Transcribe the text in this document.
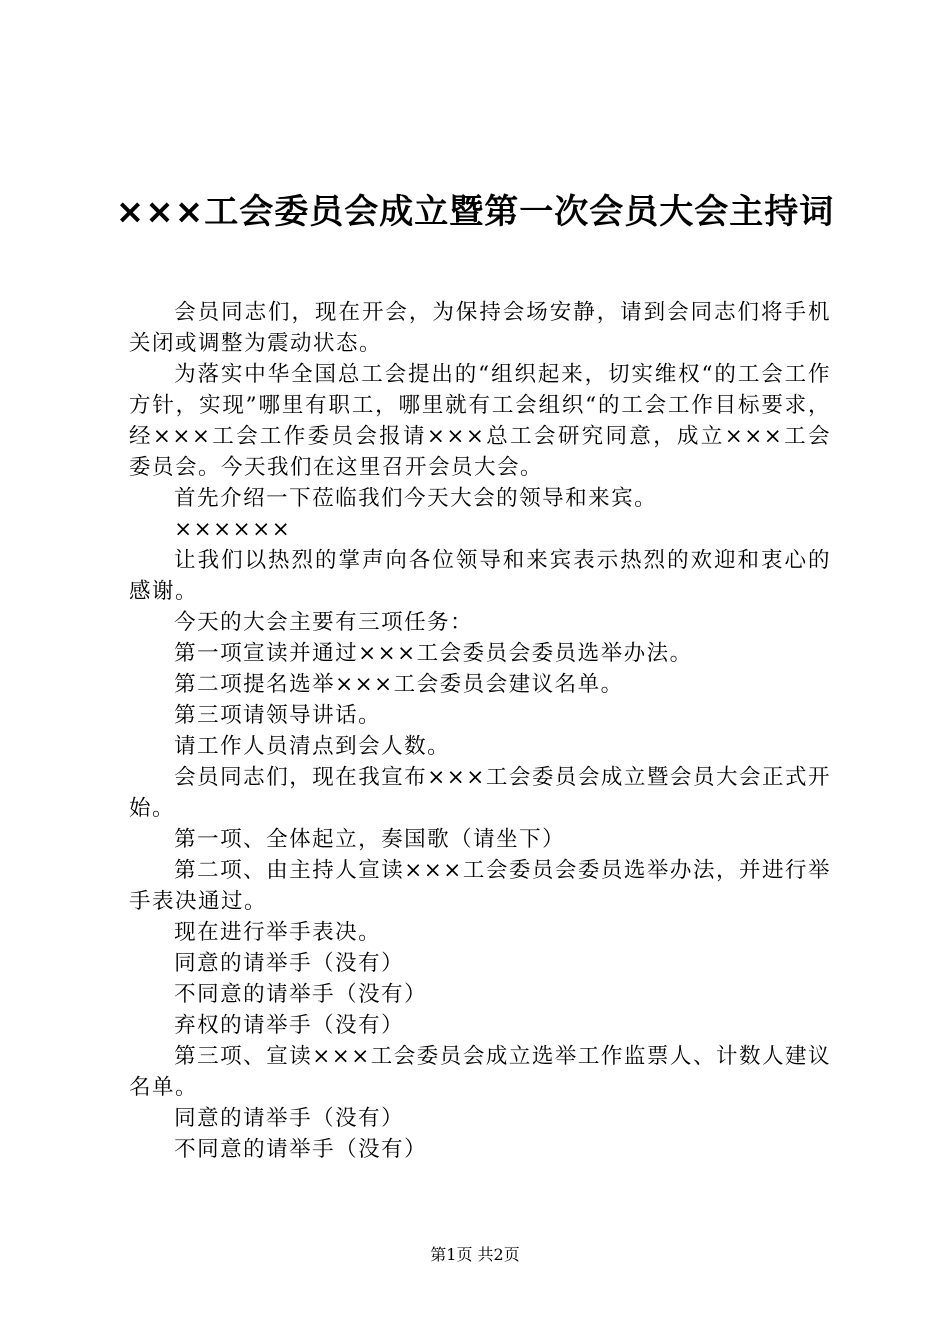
×××工会委员会成立暨第一次会员大会主持词

会员同志们，现在开会，为保持会场安静，请到会同志们将手机关闭或调整为震动状态。

为落实中华全国总工会提出的“组织起来，切实维权“的工会工作方针，实现”哪里有职工，哪里就有工会组织“的工会工作目标要求，经×××工会工作委员会报请×××总工会研究同意，成立×××工会委员会。今天我们在这里召开会员大会。

首先介绍一下莅临我们今天大会的领导和来宾。

××××××

让我们以热烈的掌声向各位领导和来宾表示热烈的欢迎和衷心的感谢。

今天的大会主要有三项任务：

第一项宣读并通过×××工会委员会委员选举办法。

第二项提名选举×××工会委员会建议名单。

第三项请领导讲话。

请工作人员清点到会人数。

会员同志们，现在我宣布×××工会委员会成立暨会员大会正式开始。

第一项、全体起立，奏国歌（请坐下）

第二项、由主持人宣读×××工会委员会委员选举办法，并进行举手表决通过。

现在进行举手表决。

同意的请举手（没有）

不同意的请举手（没有）

弃权的请举手（没有）

第三项、宣读×××工会委员会成立选举工作监票人、计数人建议名单。

同意的请举手（没有）

不同意的请举手（没有）

第1页 共2页
